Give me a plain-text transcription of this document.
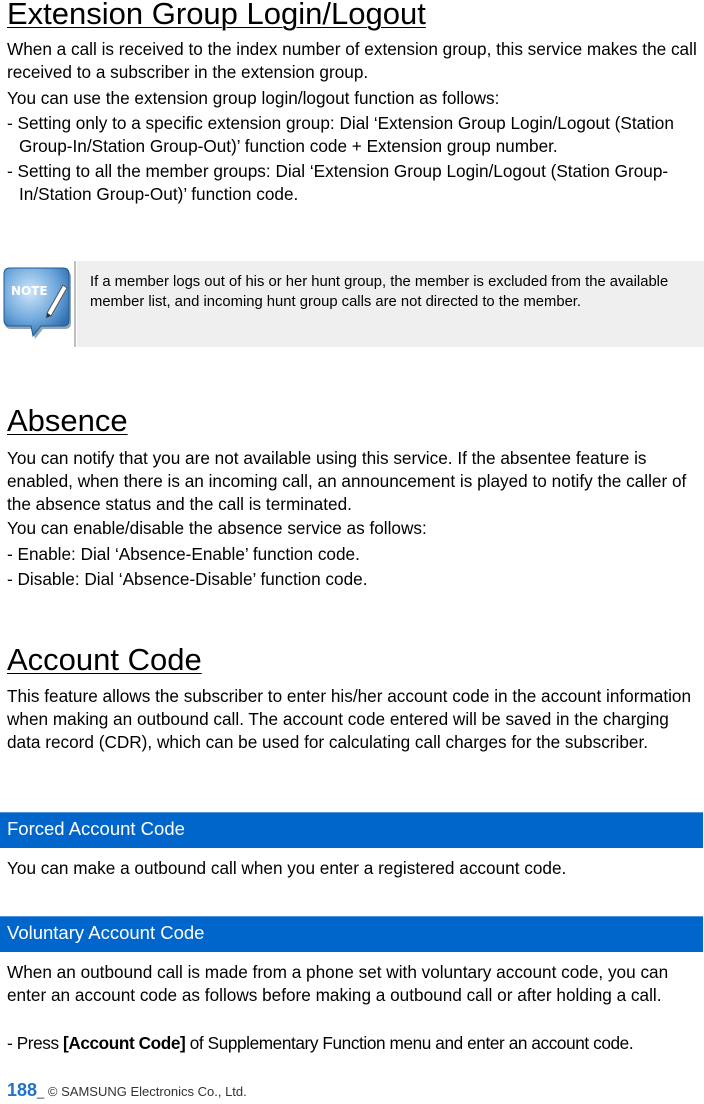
Extension Group Login/Logout

When a call is received to the index number of extension group, this service makes the call received to a subscriber in the extension group.

You can use the extension group login/logout function as follows:

- Setting only to a specific extension group: Dial ‘Extension Group Login/Logout (Station Group-In/Station Group-Out)’ function code + Extension group number.

- Setting to all the member groups: Dial ‘Extension Group Login/Logout (Station Group-In/Station Group-Out)’ function code.

NOTE
If a member logs out of his or her hunt group, the member is excluded from the available member list, and incoming hunt group calls are not directed to the member.
Absence

You can notify that you are not available using this service. If the absentee feature is enabled, when there is an incoming call, an announcement is played to notify the caller of the absence status and the call is terminated.

You can enable/disable the absence service as follows:

- Enable: Dial ‘Absence-Enable’ function code.

- Disable: Dial ‘Absence-Disable’ function code.

Account Code

This feature allows the subscriber to enter his/her account code in the account information when making an outbound call. The account code entered will be saved in the charging data record (CDR), which can be used for calculating call charges for the subscriber.

Forced Account Code

You can make a outbound call when you enter a registered account code.

Voluntary Account Code

When an outbound call is made from a phone set with voluntary account code, you can enter an account code as follows before making a outbound call or after holding a call.

- Press [Account Code] of Supplementary Function menu and enter an account code.

188_ © SAMSUNG Electronics Co., Ltd.
